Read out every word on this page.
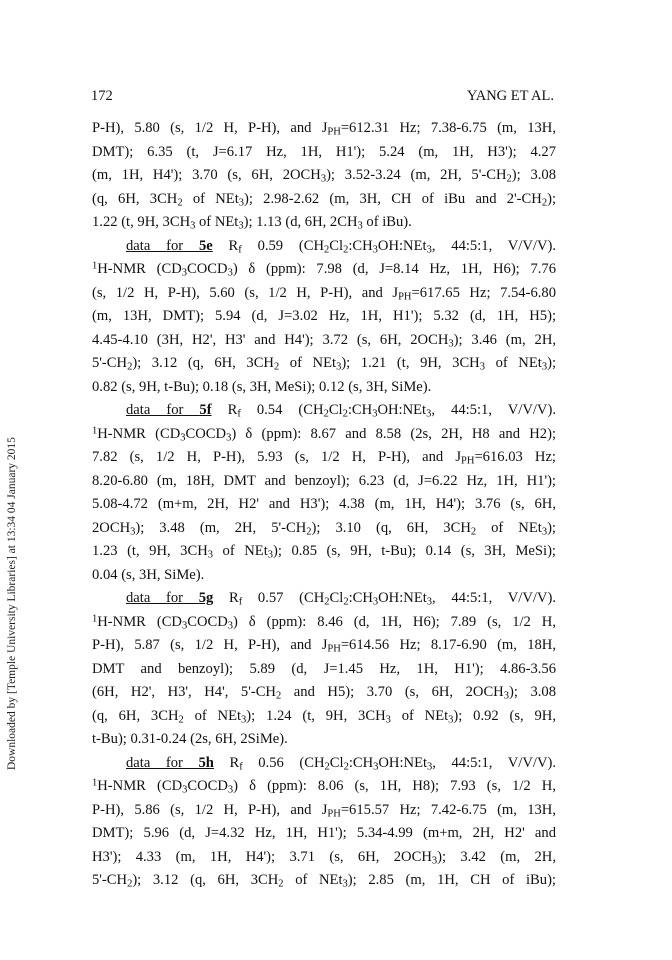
Downloaded by [Temple University Libraries] at 13:34 04 January 2015
172	YANG ET AL.
P-H), 5.80 (s, 1/2 H, P-H), and $J_{PH}=612.31$ Hz; 7.38-6.75 (m, 13H,
DMT); 6.35 (t, J=6.17 Hz, 1H, H1'); 5.24 (m, 1H, H3'); 4.27
(m, 1H, H4'); 3.70 (s, 6H, $2OCH_3$); 3.52-3.24 (m, 2H, $5'-CH_2$); 3.08
(q, 6H, $3CH_2$ of NEt$_3$); 2.98-2.62 (m, 3H, CH of iBu and $2'-CH_2$);
1.22 (t, 9H, $3CH_3$ of NEt$_3$); 1.13 (d, 6H, $2CH_3$ of iBu).
data for 5e $R_f$ 0.59 ($CH_2Cl_2:CH_3OH:NEt_3$, 44:5:1, V/V/V).
$^1$H-NMR $(CD_3COCD_3)$ δ (ppm): 7.98 (d, J=8.14 Hz, 1H, H6); 7.76
(s, 1/2 H, P-H), 5.60 (s, 1/2 H, P-H), and $J_{PH}=617.65$ Hz; 7.54-6.80
(m, 13H, DMT); 5.94 (d, J=3.02 Hz, 1H, H1'); 5.32 (d, 1H, H5);
4.45-4.10 (3H, H2', H3' and H4'); 3.72 (s, 6H, $2OCH_3$); 3.46 (m, 2H,
$5'-CH_2$); 3.12 (q, 6H, $3CH_2$ of NEt$_3$); 1.21 (t, 9H, $3CH_3$ of NEt$_3$);
0.82 (s, 9H, t-Bu); 0.18 (s, 3H, MeSi); 0.12 (s, 3H, SiMe).
data for 5f $R_f$ 0.54 ($CH_2Cl_2:CH_3OH:NEt_3$, 44:5:1, V/V/V).
$^1$H-NMR $(CD_3COCD_3)$ δ (ppm): 8.67 and 8.58 (2s, 2H, H8 and H2);
7.82 (s, 1/2 H, P-H), 5.93 (s, 1/2 H, P-H), and $J_{PH}=616.03$ Hz;
8.20-6.80 (m, 18H, DMT and benzoyl); 6.23 (d, J=6.22 Hz, 1H, H1');
5.08-4.72 (m+m, 2H, H2' and H3'); 4.38 (m, 1H, H4'); 3.76 (s, 6H,
$2OCH_3$); 3.48 (m, 2H, $5'-CH_2$); 3.10 (q, 6H, $3CH_2$ of NEt$_3$);
1.23 (t, 9H, $3CH_3$ of NEt$_3$); 0.85 (s, 9H, t-Bu); 0.14 (s, 3H, MeSi);
0.04 (s, 3H, SiMe).
data for 5g $R_f$ 0.57 ($CH_2Cl_2:CH_3OH:NEt_3$, 44:5:1, V/V/V).
$^1$H-NMR $(CD_3COCD_3)$ δ (ppm): 8.46 (d, 1H, H6); 7.89 (s, 1/2 H,
P-H), 5.87 (s, 1/2 H, P-H), and $J_{PH}=614.56$ Hz; 8.17-6.90 (m, 18H,
DMT and benzoyl); 5.89 (d, J=1.45 Hz, 1H, H1'); 4.86-3.56
(6H, H2', H3', H4', $5'-CH_2$ and H5); 3.70 (s, 6H, $2OCH_3$); 3.08
(q, 6H, $3CH_2$ of NEt$_3$); 1.24 (t, 9H, $3CH_3$ of NEt$_3$); 0.92 (s, 9H,
t-Bu); 0.31-0.24 (2s, 6H, 2SiMe).
data for 5h $R_f$ 0.56 ($CH_2Cl_2:CH_3OH:NEt_3$, 44:5:1, V/V/V).
$^1$H-NMR $(CD_3COCD_3)$ δ (ppm): 8.06 (s, 1H, H8); 7.93 (s, 1/2 H,
P-H), 5.86 (s, 1/2 H, P-H), and $J_{PH}=615.57$ Hz; 7.42-6.75 (m, 13H,
DMT); 5.96 (d, J=4.32 Hz, 1H, H1'); 5.34-4.99 (m+m, 2H, H2' and
H3'); 4.33 (m, 1H, H4'); 3.71 (s, 6H, $2OCH_3$); 3.42 (m, 2H,
$5'-CH_2$); 3.12 (q, 6H, $3CH_2$ of NEt$_3$); 2.85 (m, 1H, CH of iBu);
